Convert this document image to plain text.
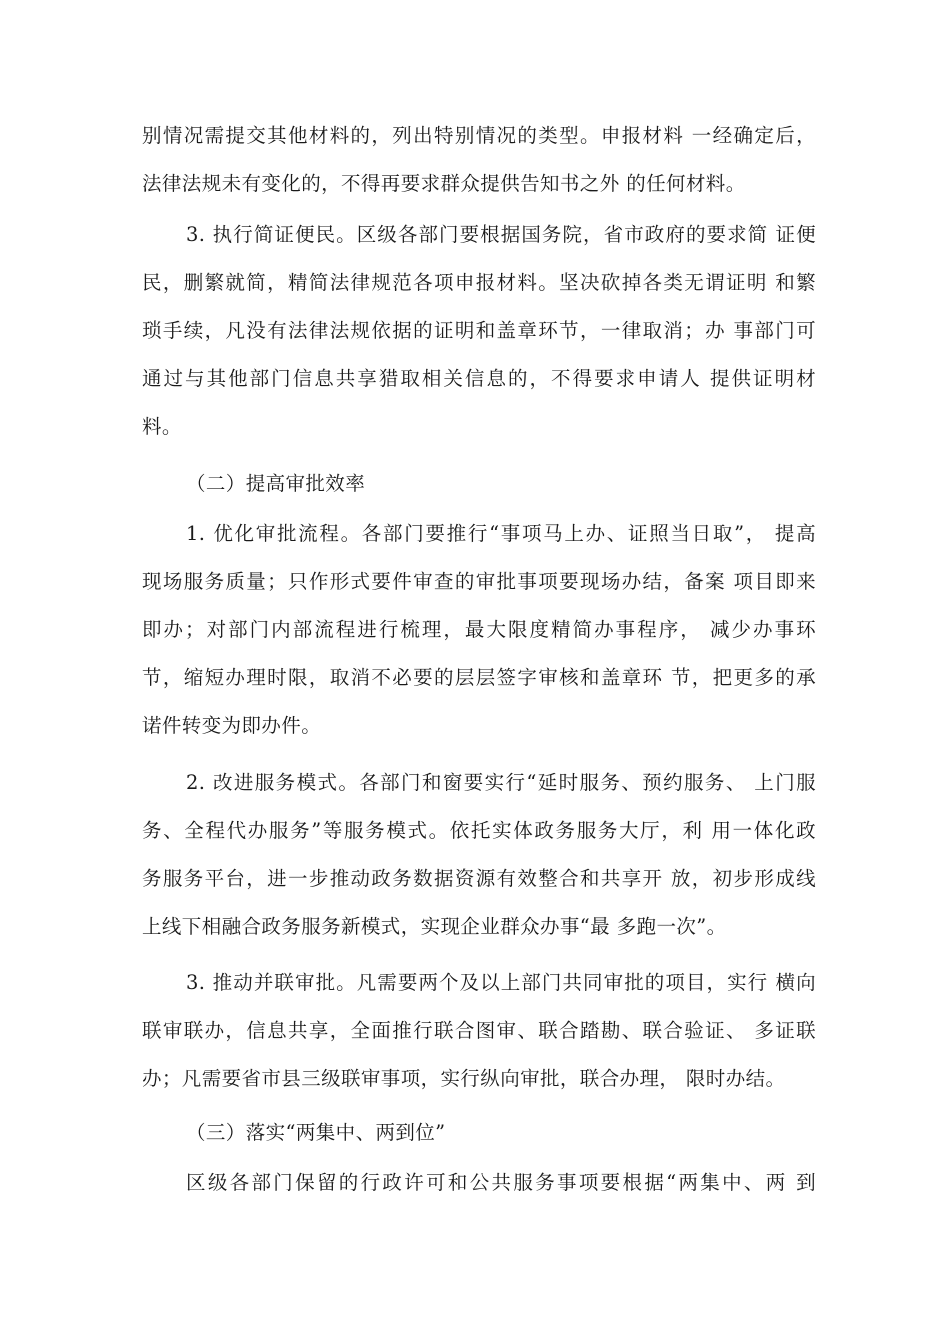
别情况需提交其他材料的，列出特别情况的类型。申报材料 一经确定后，
法律法规未有变化的，不得再要求群众提供告知书之外 的任何材料。
3. 执行简证便民。区级各部门要根据国务院，省市政府的要求简 证便
民，删繁就简，精简法律规范各项申报材料。坚决砍掉各类无谓证明 和繁
琐手续，凡没有法律法规依据的证明和盖章环节，一律取消；办 事部门可
通过与其他部门信息共享猎取相关信息的，不得要求申请人 提供证明材
料。
（二）提高审批效率
1. 优化审批流程。各部门要推行“事项马上办、证照当日取”， 提高
现场服务质量；只作形式要件审查的审批事项要现场办结，备案 项目即来
即办；对部门内部流程进行梳理，最大限度精简办事程序， 减少办事环
节，缩短办理时限，取消不必要的层层签字审核和盖章环 节，把更多的承
诺件转变为即办件。
2. 改进服务模式。各部门和窗要实行“延时服务、预约服务、 上门服
务、全程代办服务”等服务模式。依托实体政务服务大厅，利 用一体化政
务服务平台，进一步推动政务数据资源有效整合和共享开 放，初步形成线
上线下相融合政务服务新模式，实现企业群众办事“最 多跑一次”。
3. 推动并联审批。凡需要两个及以上部门共同审批的项目，实行 横向
联审联办，信息共享，全面推行联合图审、联合踏勘、联合验证、 多证联
办；凡需要省市县三级联审事项，实行纵向审批，联合办理， 限时办结。
（三）落实“两集中、两到位”
区级各部门保留的行政许可和公共服务事项要根据“两集中、两 到
